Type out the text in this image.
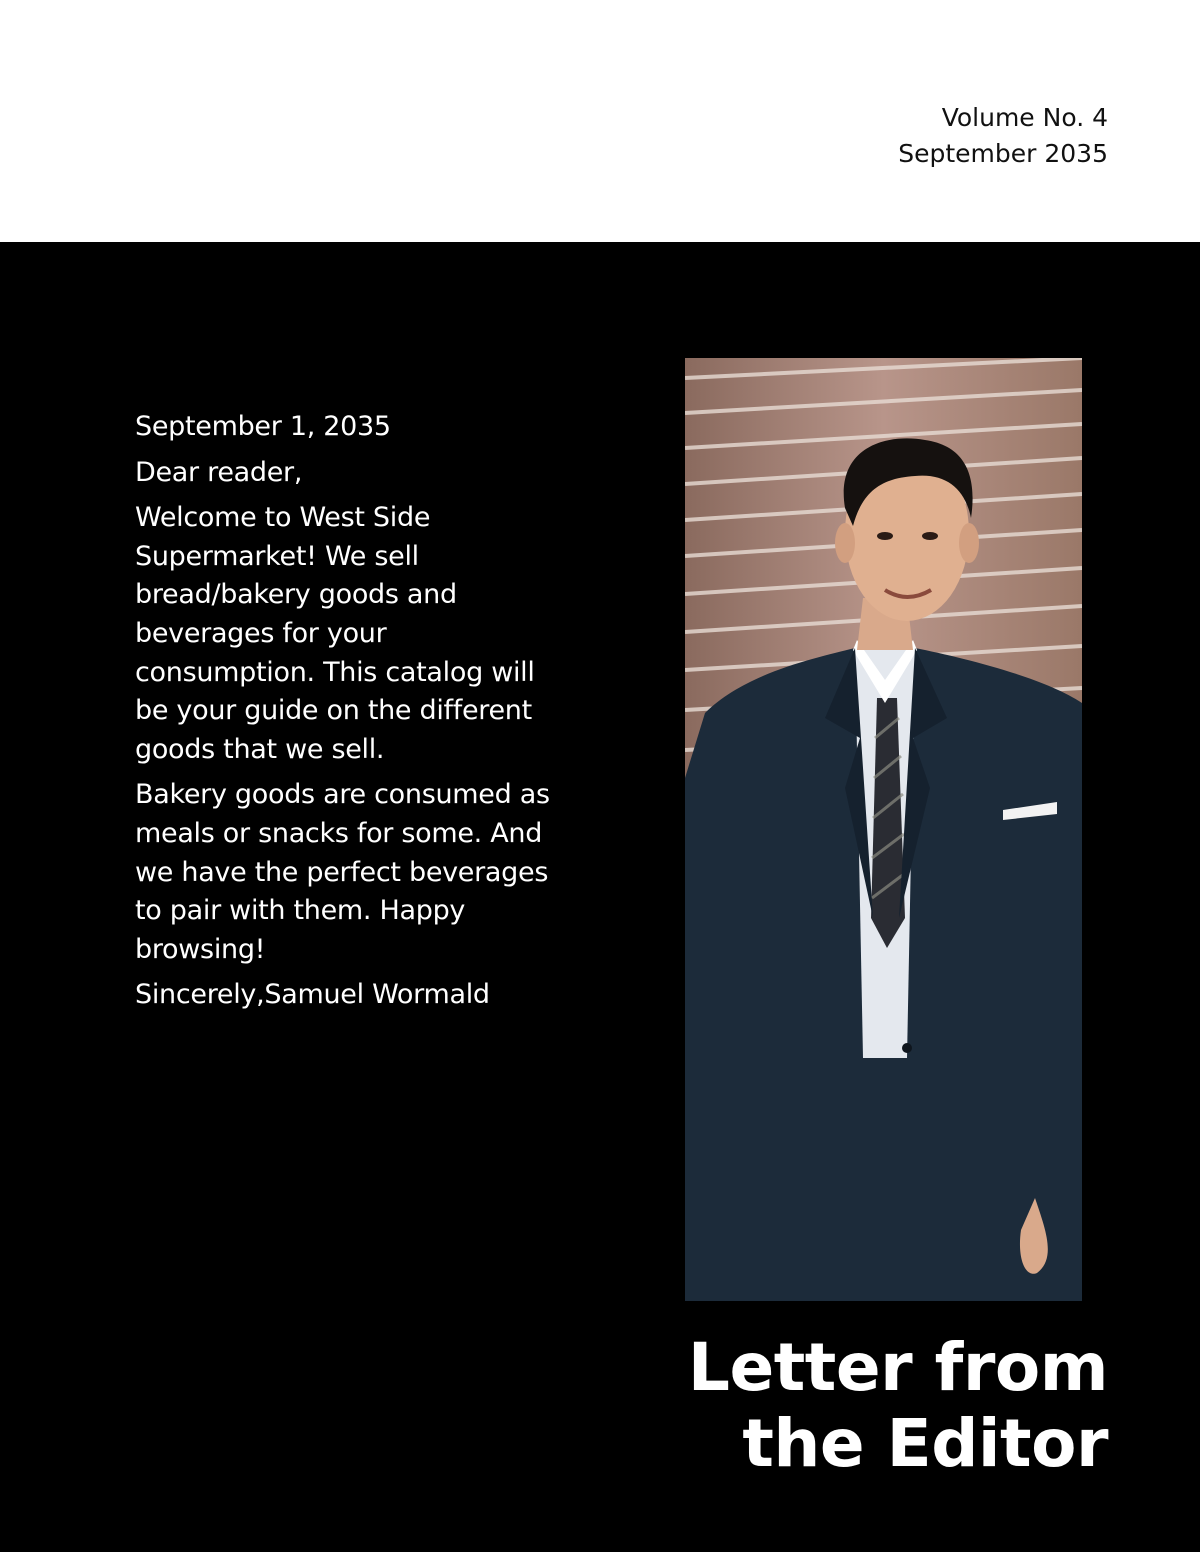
Volume No. 4
September 2035

September 1, 2035

Dear reader,

Welcome to West Side Supermarket! We sell bread/bakery goods and beverages for your consumption. This catalog will be your guide on the different goods that we sell.

Bakery goods are consumed as meals or snacks for some. And we have the perfect beverages to pair with them. Happy browsing!

Sincerely,Samuel Wormald

Letter from
the Editor
